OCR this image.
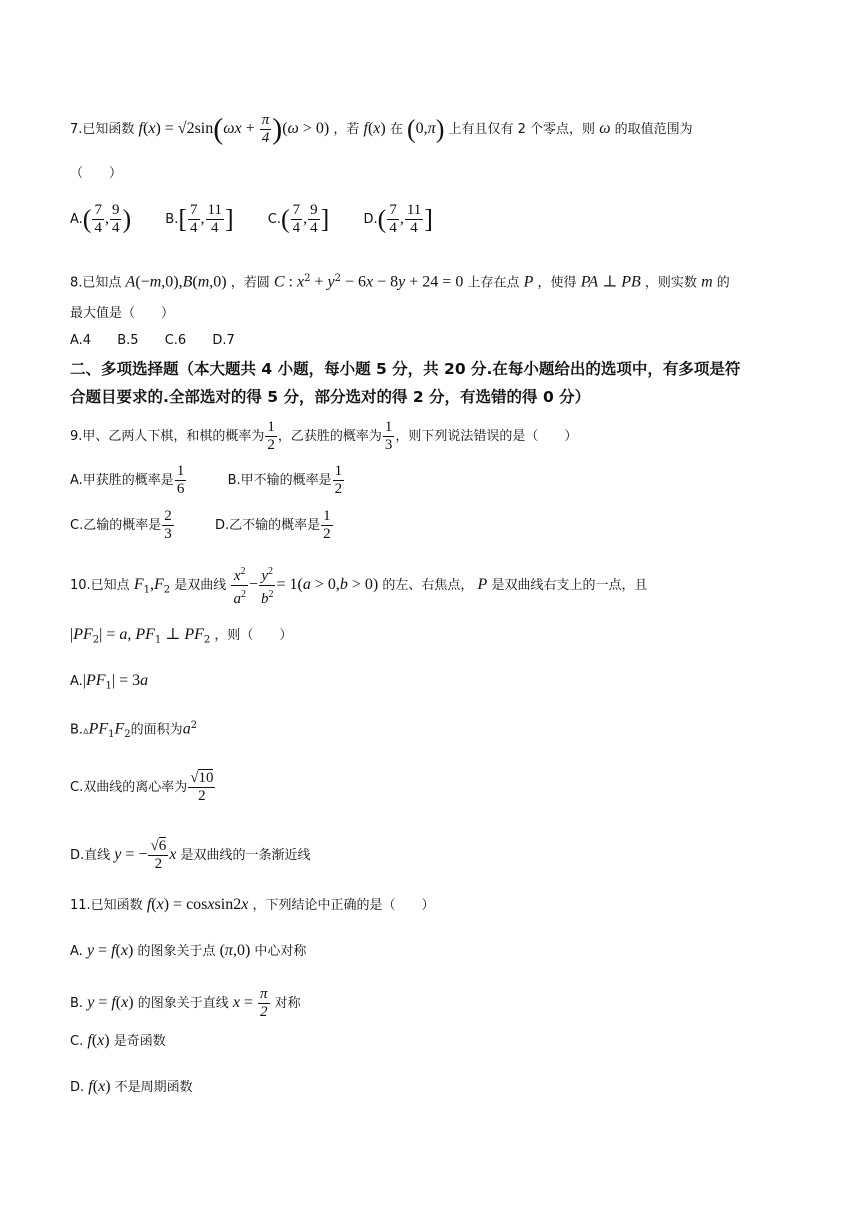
7.已知函数 $f(x) = √2\sin(\omega x + \frac{\pi}{4} )(\omega > 0)$ ，若 f(x) 在 (0,π) 上有且仅有 2 个零点，则 ω 的取值范围为
（　　）
$A.( \frac{7}{4}$ , $\frac{9}{4}$ )	$B.[ \frac{7}{4}$ , $\frac{11}{4}$ ]	$C.( \frac{7}{4}$ , $\frac{9}{4}$ ]	$D.( \frac{7}{4}$ , $\frac{11}{4}$ ]
8.已知点 A(−m,0),B(m,0) ，若圆 C : $x^2 + y^2 - 6x - 8y + 24 = 0$ 上存在点 P ，使得 PA ⊥ PB ，则实数 m 的
最大值是（　　）
A.4 B.5 C.6 D.7
二、多项选择题（本大题共 4 小题，每小题 5 分，共 20 分.在每小题给出的选项中，有多项是符
合题目要求的.全部选对的得 5 分，部分选对的得 2 分，有选错的得 0 分）
9.甲、乙两人下棋，和棋的概率为 $\frac{1}{2}$ ，乙获胜的概率为 $\frac{1}{3}$ ，则下列说法错误的是（　　）
A.甲获胜的概率是 $\frac{1}{6}$	B.甲不输的概率是 $\frac{1}{2}$
C.乙输的概率是 $\frac{2}{3}$	D.乙不输的概率是 $\frac{1}{2}$
10.已知点 $F_1,F_2$ 是双曲线 $\frac{x^2}{a^2} - \frac{y^2}{b^2} = 1(a > 0,b > 0)$ 的左、右焦点， P 是双曲线右支上的一点，且
$|PF_2| = a$, $PF_1$ ⊥ $PF_2$ ，则（　　）
$A.|PF_1| = 3a$
$B.▵PF_1F_2$的面积为$a^2$
C.双曲线的离心率为 $\frac{√10}{2}$
D.直线 y = − $\frac{√6}{2}$ x 是双曲线的一条渐近线
11.已知函数 f(x) = cosxsin2x ，下列结论中正确的是（　　）
A. y = f(x) 的图象关于点 (π,0) 中心对称
B. y = f(x) 的图象关于直线 $x = \frac{\pi}{2}$ 对称
C. f(x) 是奇函数
D. f(x) 不是周期函数
